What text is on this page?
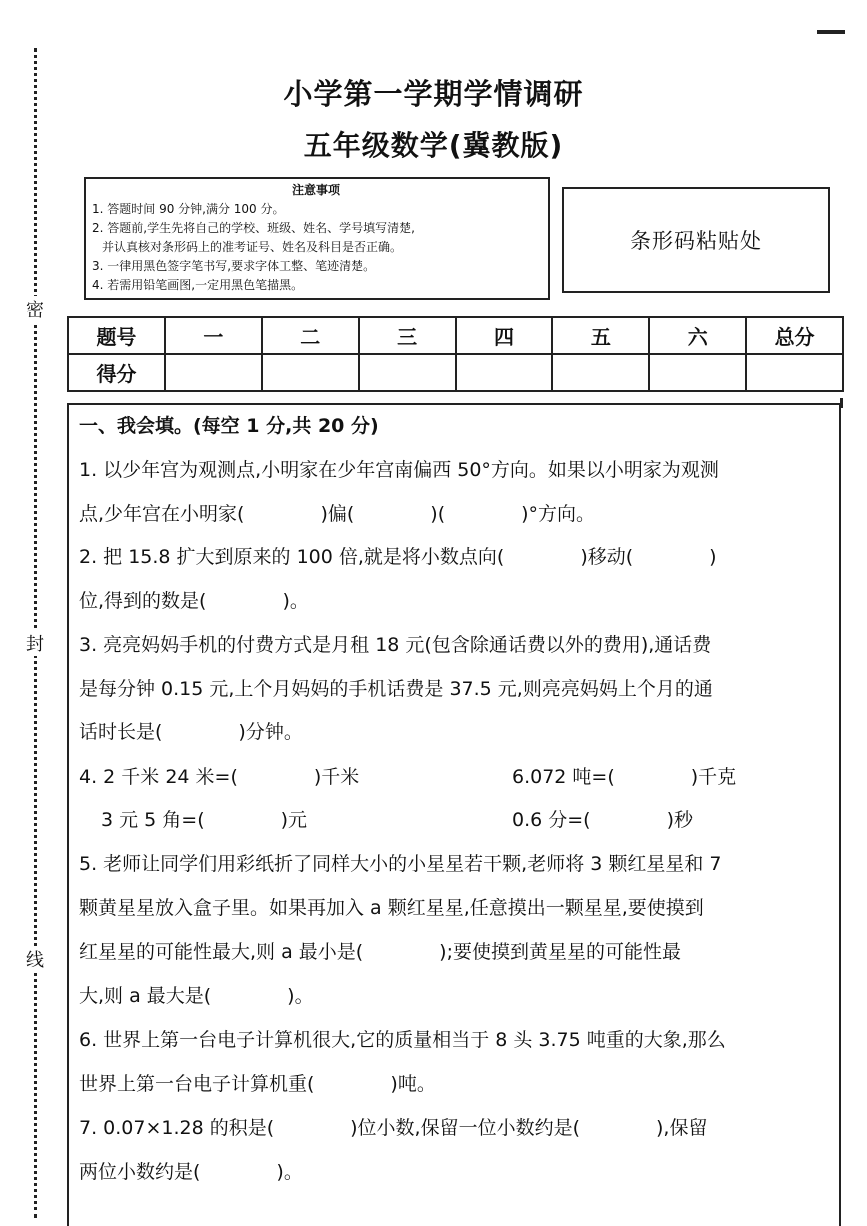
密
封
线
小学第一学期学情调研
五年级数学(冀教版)
注意事项
1. 答题时间 90 分钟,满分 100 分。
2. 答题前,学生先将自己的学校、班级、姓名、学号填写清楚,
并认真核对条形码上的准考证号、姓名及科目是否正确。
3. 一律用黑色签字笔书写,要求字体工整、笔迹清楚。
4. 若需用铅笔画图,一定用黑色笔描黑。
条形码粘贴处
题号	一	二	三	四	五	六	总分
得分							
一、我会填。(每空 1 分,共 20 分)
1. 以少年宫为观测点,小明家在少年宫南偏西 50°方向。如果以小明家为观测
点,少年宫在小明家(　　　　)偏(　　　　)(　　　　)°方向。
2. 把 15.8 扩大到原来的 100 倍,就是将小数点向(　　　　)移动(　　　　)
位,得到的数是(　　　　)。
3. 亮亮妈妈手机的付费方式是月租 18 元(包含除通话费以外的费用),通话费
是每分钟 0.15 元,上个月妈妈的手机话费是 37.5 元,则亮亮妈妈上个月的通
话时长是(　　　　)分钟。
4. 2 千米 24 米=(　　　　)千米	6.072 吨=(　　　　)千克
3 元 5 角=(　　　　)元	0.6 分=(　　　　)秒
5. 老师让同学们用彩纸折了同样大小的小星星若干颗,老师将 3 颗红星星和 7
颗黄星星放入盒子里。如果再加入 a 颗红星星,任意摸出一颗星星,要使摸到
红星星的可能性最大,则 a 最小是(　　　　);要使摸到黄星星的可能性最
大,则 a 最大是(　　　　)。
6. 世界上第一台电子计算机很大,它的质量相当于 8 头 3.75 吨重的大象,那么
世界上第一台电子计算机重(　　　　)吨。
7. 0.07×1.28 的积是(　　　　)位小数,保留一位小数约是(　　　　),保留
两位小数约是(　　　　)。
